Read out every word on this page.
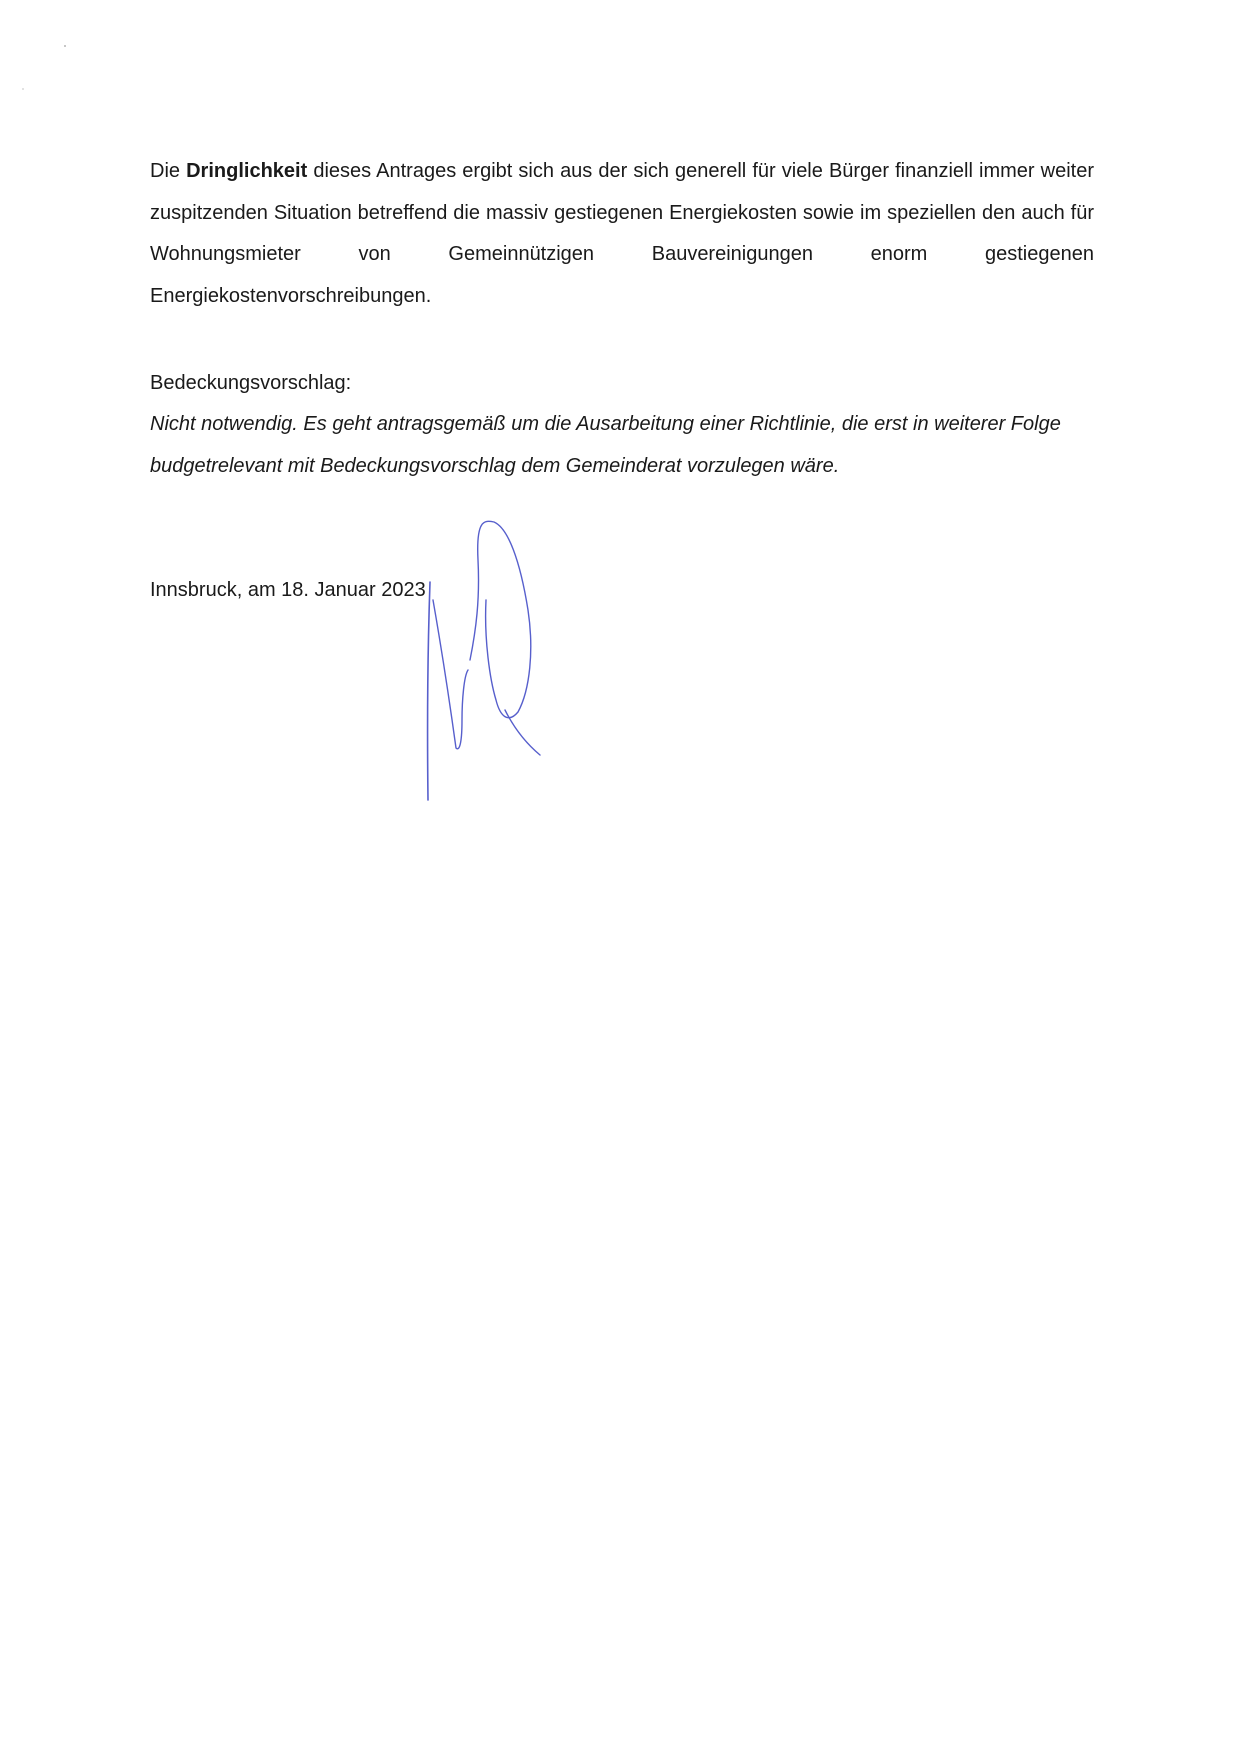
Die Dringlichkeit dieses Antrages ergibt sich aus der sich generell für viele Bürger finanziell immer weiter zuspitzenden Situation betreffend die massiv gestiegenen Energiekosten sowie im speziellen den auch für Wohnungsmieter von Gemeinnützigen Bauvereinigungen enorm gestiegenen Energiekostenvorschreibungen.

Bedeckungsvorschlag:

Nicht notwendig. Es geht antragsgemäß um die Ausarbeitung einer Richtlinie, die erst in weiterer Folge budgetrelevant mit Bedeckungsvorschlag dem Gemeinderat vorzulegen wäre.

Innsbruck, am 18. Januar 2023
